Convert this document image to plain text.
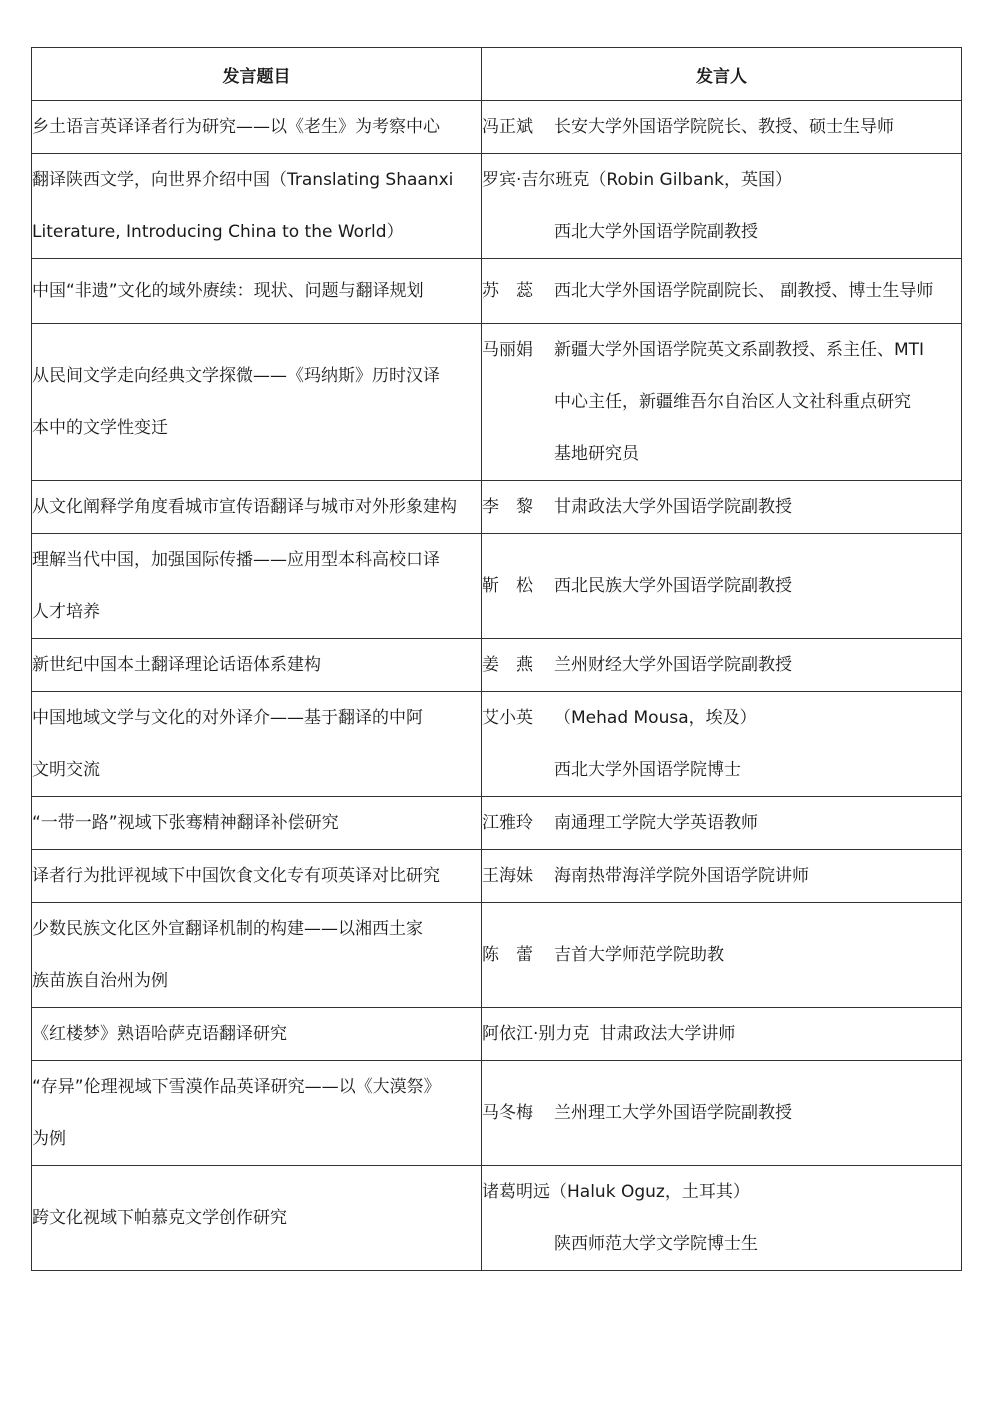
发言题目	发言人

乡土语言英译译者行为研究——以《老生》为考察中心	冯正斌 长安大学外国语学院院长、教授、硕士生导师

翻译陕西文学，向世界介绍中国（Translating Shaanxi
Literature, Introducing China to the World）	罗宾·吉尔班克（Robin Gilbank，英国）
西北大学外国语学院副教授

中国“非遗”文化的域外赓续：现状、问题与翻译规划	苏　蕊 西北大学外国语学院副院长、 副教授、博士生导师

从民间文学走向经典文学探微——《玛纳斯》历时汉译
本中的文学性变迁	马丽娟 新疆大学外国语学院英文系副教授、系主任、MTI
中心主任，新疆维吾尔自治区人文社科重点研究
基地研究员

从文化阐释学角度看城市宣传语翻译与城市对外形象建构	李　黎 甘肃政法大学外国语学院副教授

理解当代中国，加强国际传播——应用型本科高校口译
人才培养	靳　松 西北民族大学外国语学院副教授

新世纪中国本土翻译理论话语体系建构	姜　燕 兰州财经大学外国语学院副教授

中国地域文学与文化的对外译介——基于翻译的中阿
文明交流	艾小英 （Mehad Mousa，埃及）
西北大学外国语学院博士

“一带一路”视域下张骞精神翻译补偿研究	江雅玲 南通理工学院大学英语教师

译者行为批评视域下中国饮食文化专有项英译对比研究	王海妹 海南热带海洋学院外国语学院讲师

少数民族文化区外宣翻译机制的构建——以湘西土家
族苗族自治州为例	陈　蕾 吉首大学师范学院助教

《红楼梦》熟语哈萨克语翻译研究	阿依江·别力克 甘肃政法大学讲师

“存异”伦理视域下雪漠作品英译研究——以《大漠祭》
为例	马冬梅 兰州理工大学外国语学院副教授

跨文化视域下帕慕克文学创作研究	诸葛明远（Haluk Oguz，土耳其）
陕西师范大学文学院博士生
